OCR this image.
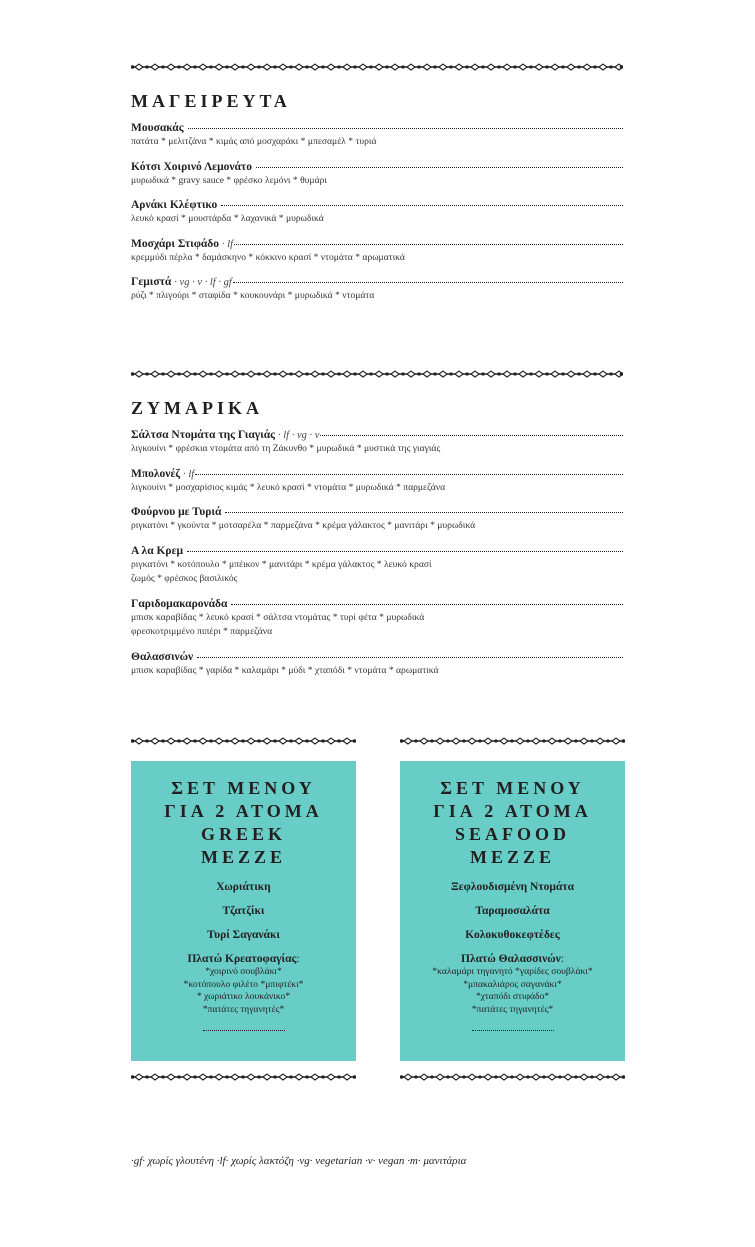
ΜΑΓΕΙΡΕΥΤΑ
Μουσακάς
πατάτα * μελιτζάνα * κιμάς από μοσχαράκι * μπεσαμέλ * τυριά
Κότσι Χοιρινό Λεμονάτο
μυρωδικά * gravy sauce * φρέσκο λεμόνι * θυμάρι
Αρνάκι Κλέφτικο
λευκό κρασί * μουστάρδα * λαχανικά * μυρωδικά
Μοσχάρι Στιφάδο · lf
κρεμμύδι πέρλα * δαμάσκηνο * κόκκινο κρασί * ντομάτα * αρωματικά
Γεμιστά · vg · v · lf · gf
ρύζι * πλιγούρι * σταφίδα * κουκουνάρι * μυρωδικά * ντομάτα
ΖΥΜΑΡΙΚΑ
Σάλτσα Ντομάτα της Γιαγιάς · lf · vg · v
λιγκουίνι * φρέσκια ντομάτα από τη Ζάκυνθο * μυρωδικά * μυστικά της γιαγιάς
Μπολονέζ · lf
λιγκουίνι * μοσχαρίσιος κιμάς * λευκό κρασί * ντομάτα * μυρωδικά * παρμεζάνα
Φούρνου με Τυριά
ριγκατόνι * γκούντα * μοτσαρέλα * παρμεζάνα * κρέμα γάλακτος * μανιτάρι * μυρωδικά
Α λα Κρεμ
ριγκατόνι * κοτόπουλο * μπέικον * μανιτάρι * κρέμα γάλακτος * λευκό κρασί
ζωμός * φρέσκος βασιλικός
Γαριδομακαρονάδα
μπισκ καραβίδας * λευκό κρασί * σάλτσα ντομάτας * τυρί φέτα * μυρωδικά
φρεσκοτριμμένο πιπέρι * παρμεζάνα
Θαλασσινών
μπισκ καραβίδας * γαρίδα * καλαμάρι * μύδι * χταπόδι * ντομάτα * αρωματικά
ΣΕΤ ΜΕΝΟΥ
ΓΙΑ 2 ΑΤΟΜΑ
GREEK
MEZZE
Χωριάτικη
Τζατζίκι
Τυρί Σαγανάκι
Πλατώ Κρεατοφαγίας:
*χοιρινό σουβλάκι*
*κοτόπουλο φιλέτο *μπιφτέκι*
* χωριάτικο λουκάνικο*
*πατάτες τηγανητές*
ΣΕΤ ΜΕΝΟΥ
ΓΙΑ 2 ΑΤΟΜΑ
SEAFOOD
MEZZE
Ξεφλουδισμένη Ντομάτα
Ταραμοσαλάτα
Κολοκυθοκεφτέδες
Πλατώ Θαλασσινών:
*καλαμάρι τηγανητό *γαρίδες σουβλάκι*
*μπακαλιάρος σαγανάκι*
*χταπόδι στιφάδο*
*πατάτες τηγανητές*
·gf· χωρίς γλουτένη ·lf· χωρίς λακτόζη ·vg· vegetarian ·v· vegan ·m· μανιτάρια
